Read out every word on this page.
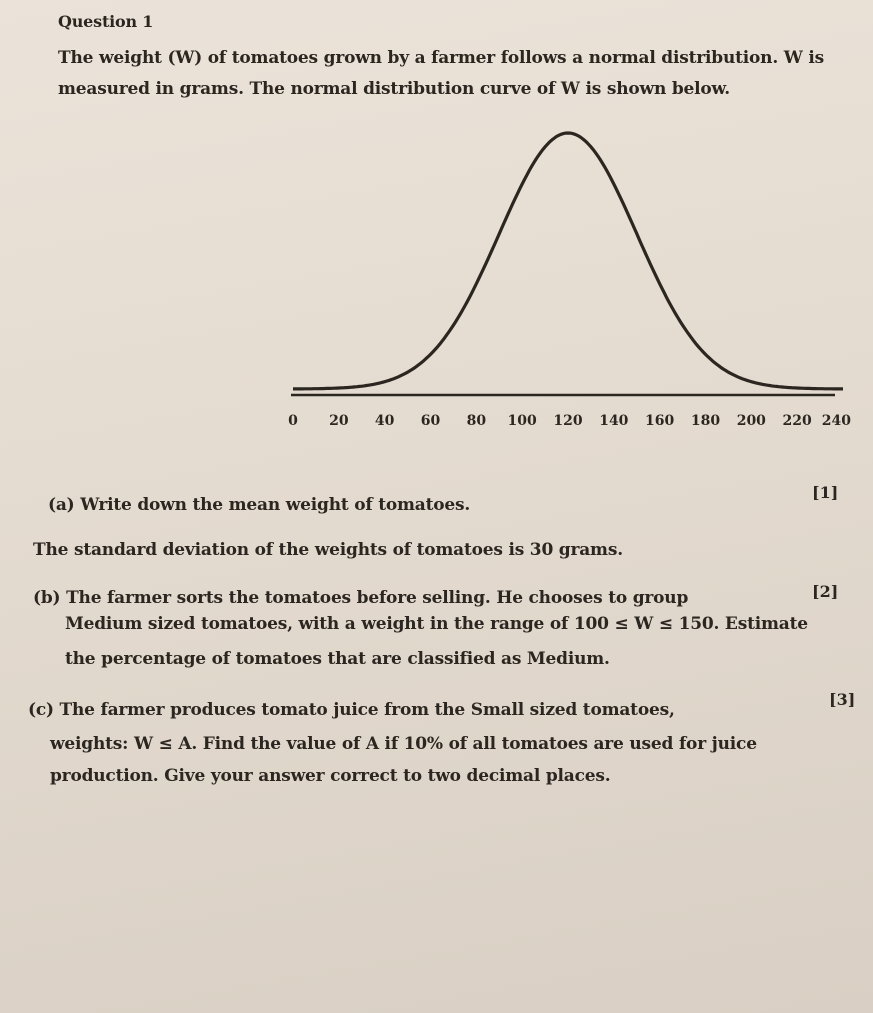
Question 1
The weight (W) of tomatoes grown by a farmer follows a normal distribution. W is
measured in grams. The normal distribution curve of W is shown below.
0 20 40 60 80 100 120 140 160 180 200 220 240
(a) Write down the mean weight of tomatoes.
[1]
The standard deviation of the weights of tomatoes is 30 grams.
(b) The farmer sorts the tomatoes before selling. He chooses to group	[2]
Medium sized tomatoes, with a weight in the range of 100 ≤ W ≤ 150. Estimate
the percentage of tomatoes that are classified as Medium.
(c) The farmer produces tomato juice from the Small sized tomatoes,
[3]
weights: W ≤ A. Find the value of A if 10% of all tomatoes are used for juice
production. Give your answer correct to two decimal places.
